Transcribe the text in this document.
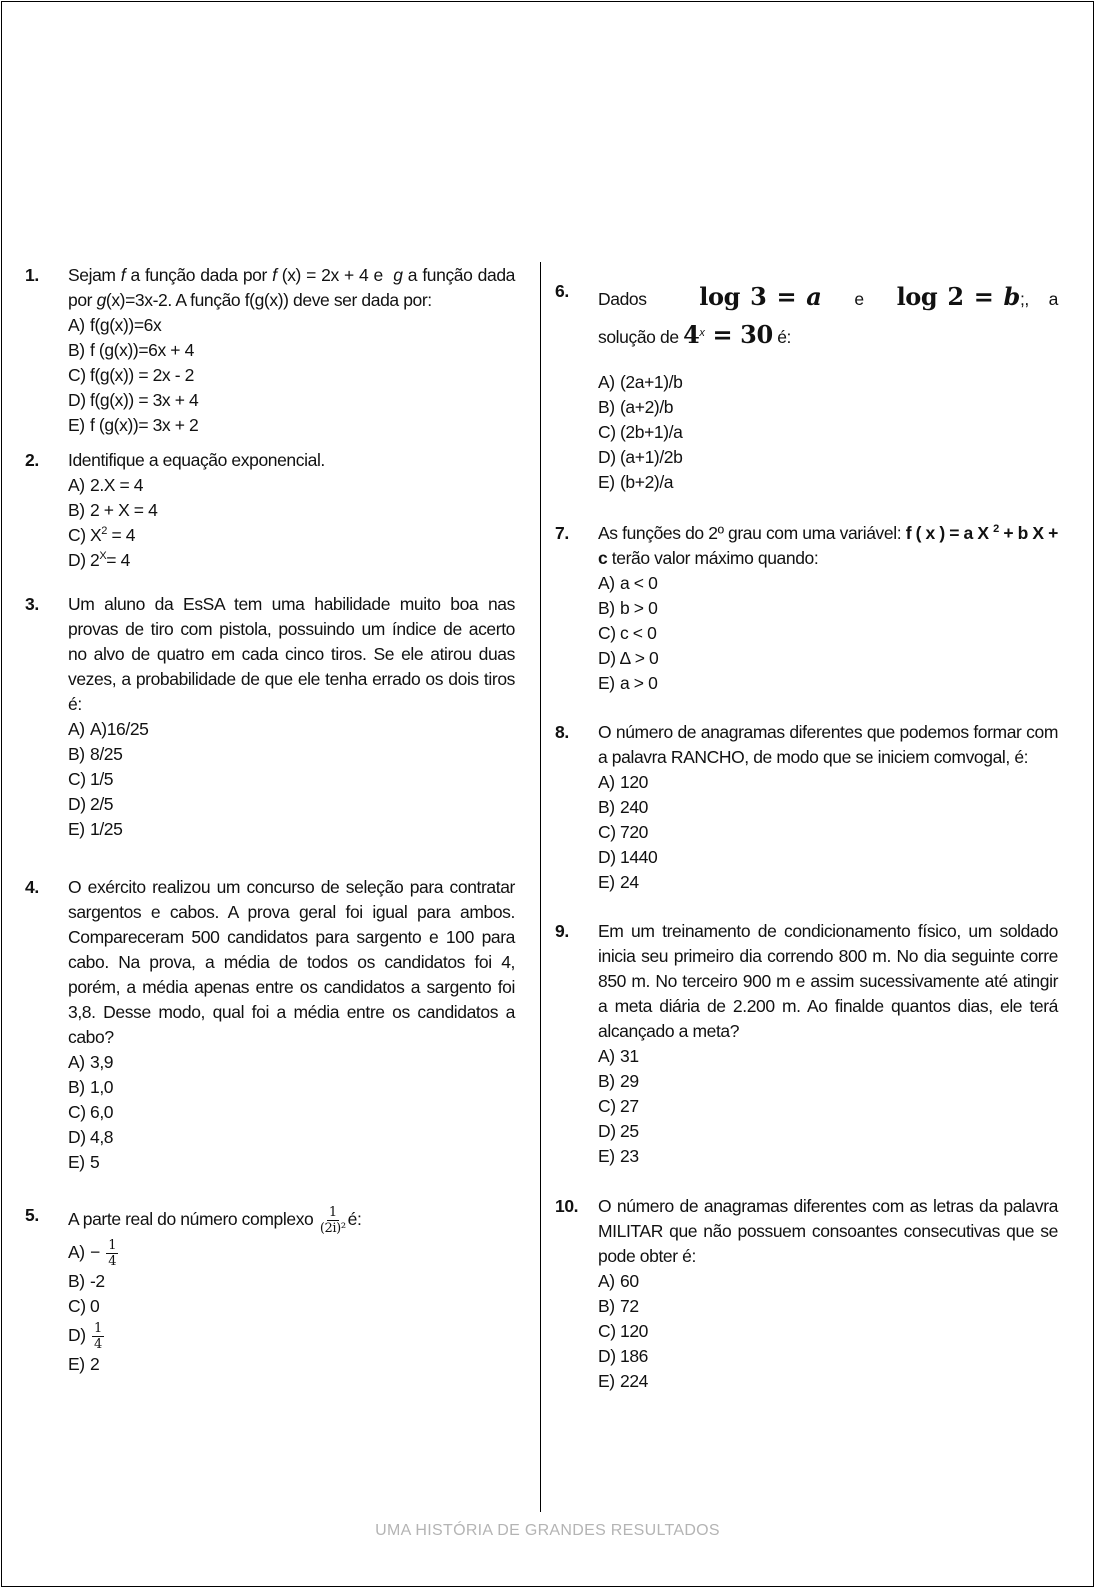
1. Sejam f a função dada por f (x) = 2x + 4 e  g a função dada por g(x)=3x-2. A função f(g(x)) deve ser dada por:
A) f(g(x))=6x
B) f (g(x))=6x + 4
C) f(g(x)) = 2x - 2
D) f(g(x)) = 3x + 4
E) f (g(x))= 3x + 2
2. Identifique a equação exponencial.
A) 2.X = 4
B) 2 + X = 4
C) $X^2 = 4$
D) $2^X= 4$
3. Um aluno da EsSA tem uma habilidade muito boa nas provas de tiro com pistola, possuindo um índice de acerto no alvo de quatro em cada cinco tiros. Se ele atirou duas vezes, a probabilidade de que ele tenha errado os dois tiros é:
A) A)16/25
B) 8/25
C) 1/5
D) 2/5
E) 1/25
4. O exército realizou um concurso de seleção para contratar sargentos e cabos. A prova geral foi igual para ambos. Compareceram 500 candidatos para sargento e 100 para cabo. Na prova, a média de todos os candidatos foi 4, porém, a média apenas entre os candidatos a sargento foi 3,8. Desse modo, qual foi a média entre os candidatos a cabo?
A) 3,9
B) 1,0
C) 6,0
D) 4,8
E) 5
5. A parte real do número complexo $\frac{1}{\text{(2i)²}}$ é:
$A) - \frac{1}{4}$
B) -2
C) 0
$D) \frac{1}{4}$
E) 2
6. Dados        log 3 = a     e     log 2 = b;,   a solução de $4^x = 30$ é:
A) (2a+1)/b
B) (a+2)/b
C) (2b+1)/a
D) (a+1)/2b
E) (b+2)/a
7. As funções do 2º grau com uma variável: f ( x ) = a X $^2$ + b X + c terão valor máximo quando:
A) a < 0
B) b > 0
C) c < 0
D) ∆ > 0
E) a > 0
8. O número de anagramas diferentes que podemos formar com a palavra RANCHO, de modo que se iniciem comvogal, é:
A) 120
B) 240
C) 720
D) 1440
E) 24
9. Em um treinamento de condicionamento físico, um soldado inicia seu primeiro dia correndo 800 m. No dia seguinte corre 850 m. No terceiro 900 m e assim sucessivamente até atingir a meta diária de 2.200 m. Ao finalde quantos dias, ele terá alcançado a meta?
A) 31
B) 29
C) 27
D) 25
E) 23
10. O número de anagramas diferentes com as letras da palavra MILITAR que não possuem consoantes consecutivas que se pode obter é:
A) 60
B) 72
C) 120
D) 186
E) 224
UMA HISTÓRIA DE GRANDES RESULTADOS
